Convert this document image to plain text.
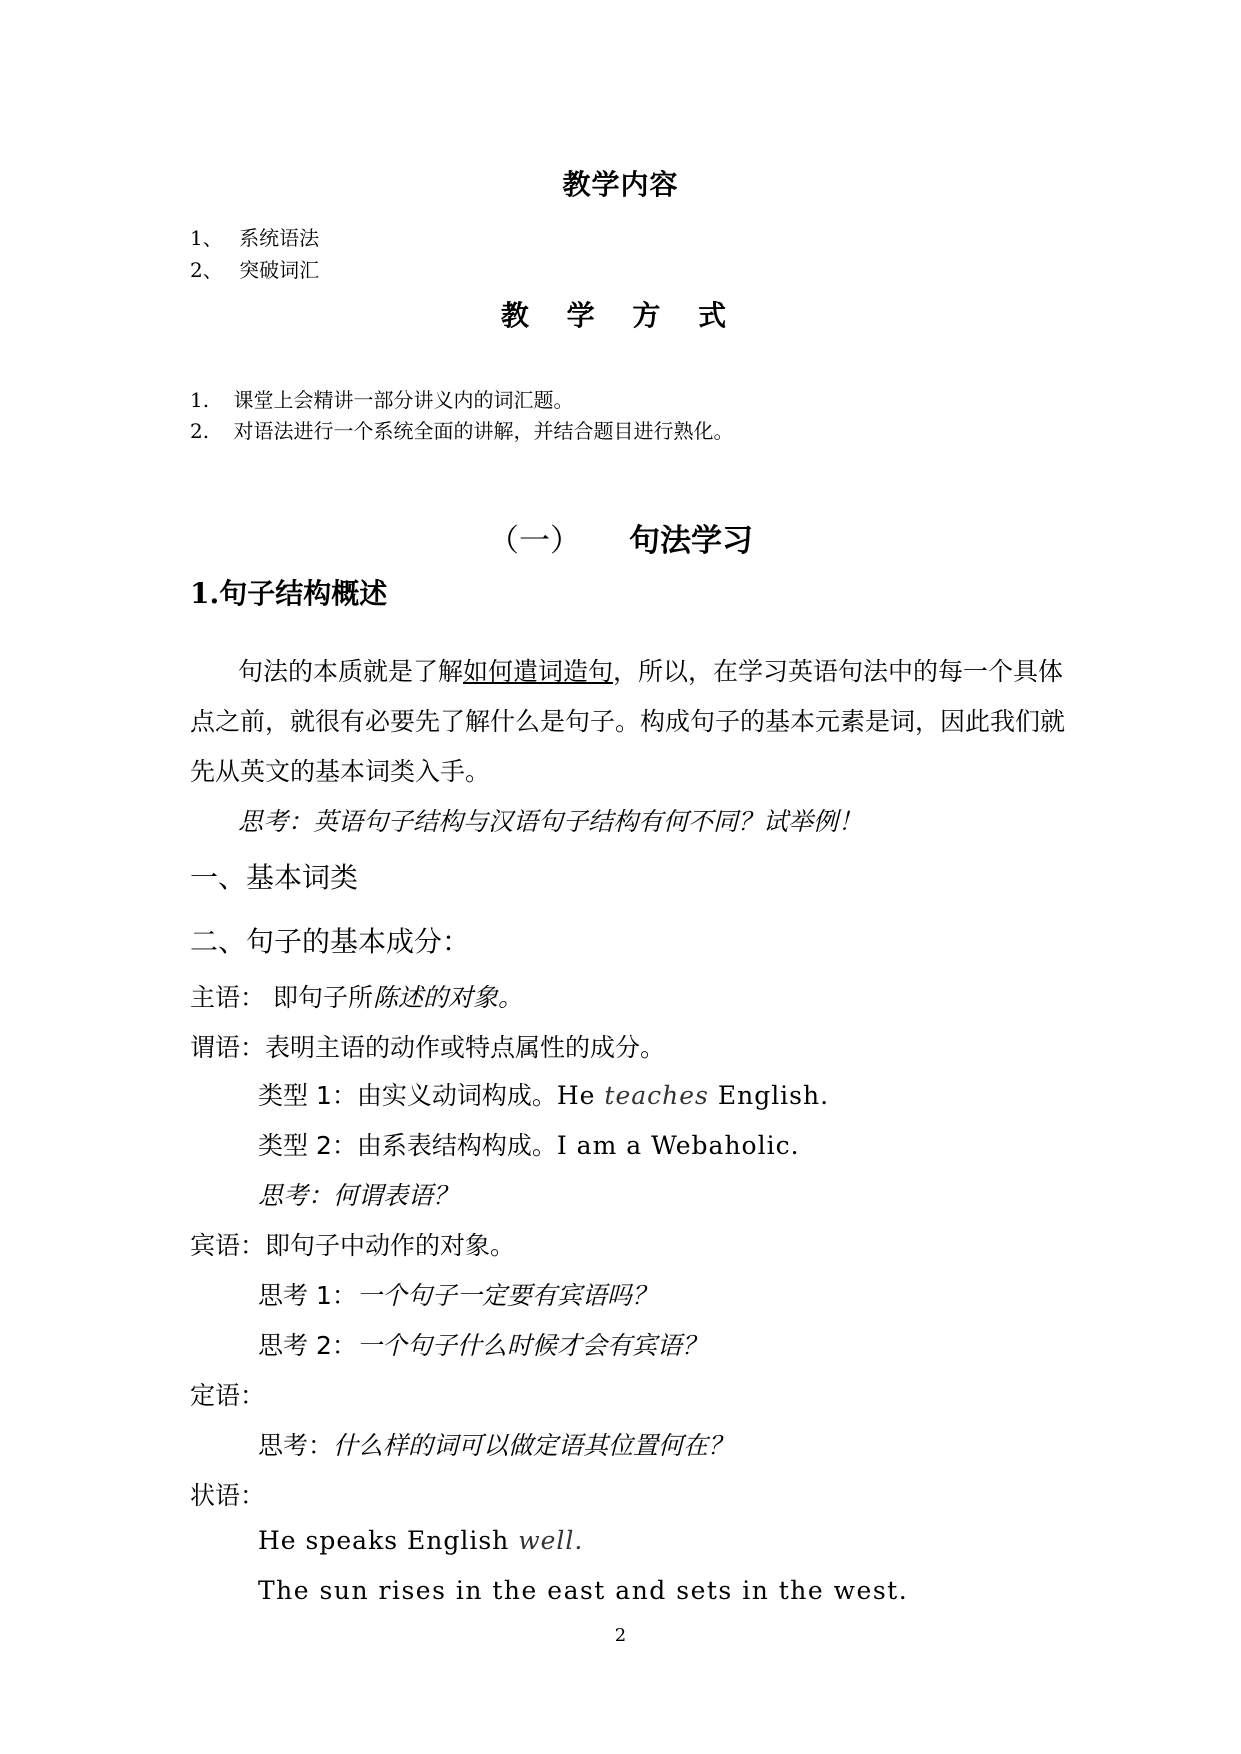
教学内容
1、 系统语法
2、 突破词汇
教 学 方 式
1. 课堂上会精讲一部分讲义内的词汇题。
2. 对语法进行一个系统全面的讲解，并结合题目进行熟化。
（一） 句法学习
1.句子结构概述
句法的本质就是了解如何遣词造句，所以，在学习英语句法中的每一个具体
点之前，就很有必要先了解什么是句子。构成句子的基本元素是词，因此我们就
先从英文的基本词类入手。
思考：英语句子结构与汉语句子结构有何不同？试举例！
一、基本词类
二、句子的基本成分：
主语： 即句子所陈述的对象。
谓语：表明主语的动作或特点属性的成分。
类型 1：由实义动词构成。He teaches English.
类型 2：由系表结构构成。I am a Webaholic.
思考：何谓表语？
宾语：即句子中动作的对象。
思考 1：一个句子一定要有宾语吗？
思考 2：一个句子什么时候才会有宾语？
定语：
思考：什么样的词可以做定语其位置何在？
状语：
He speaks English well.
The sun rises in the east and sets in the west.
2
